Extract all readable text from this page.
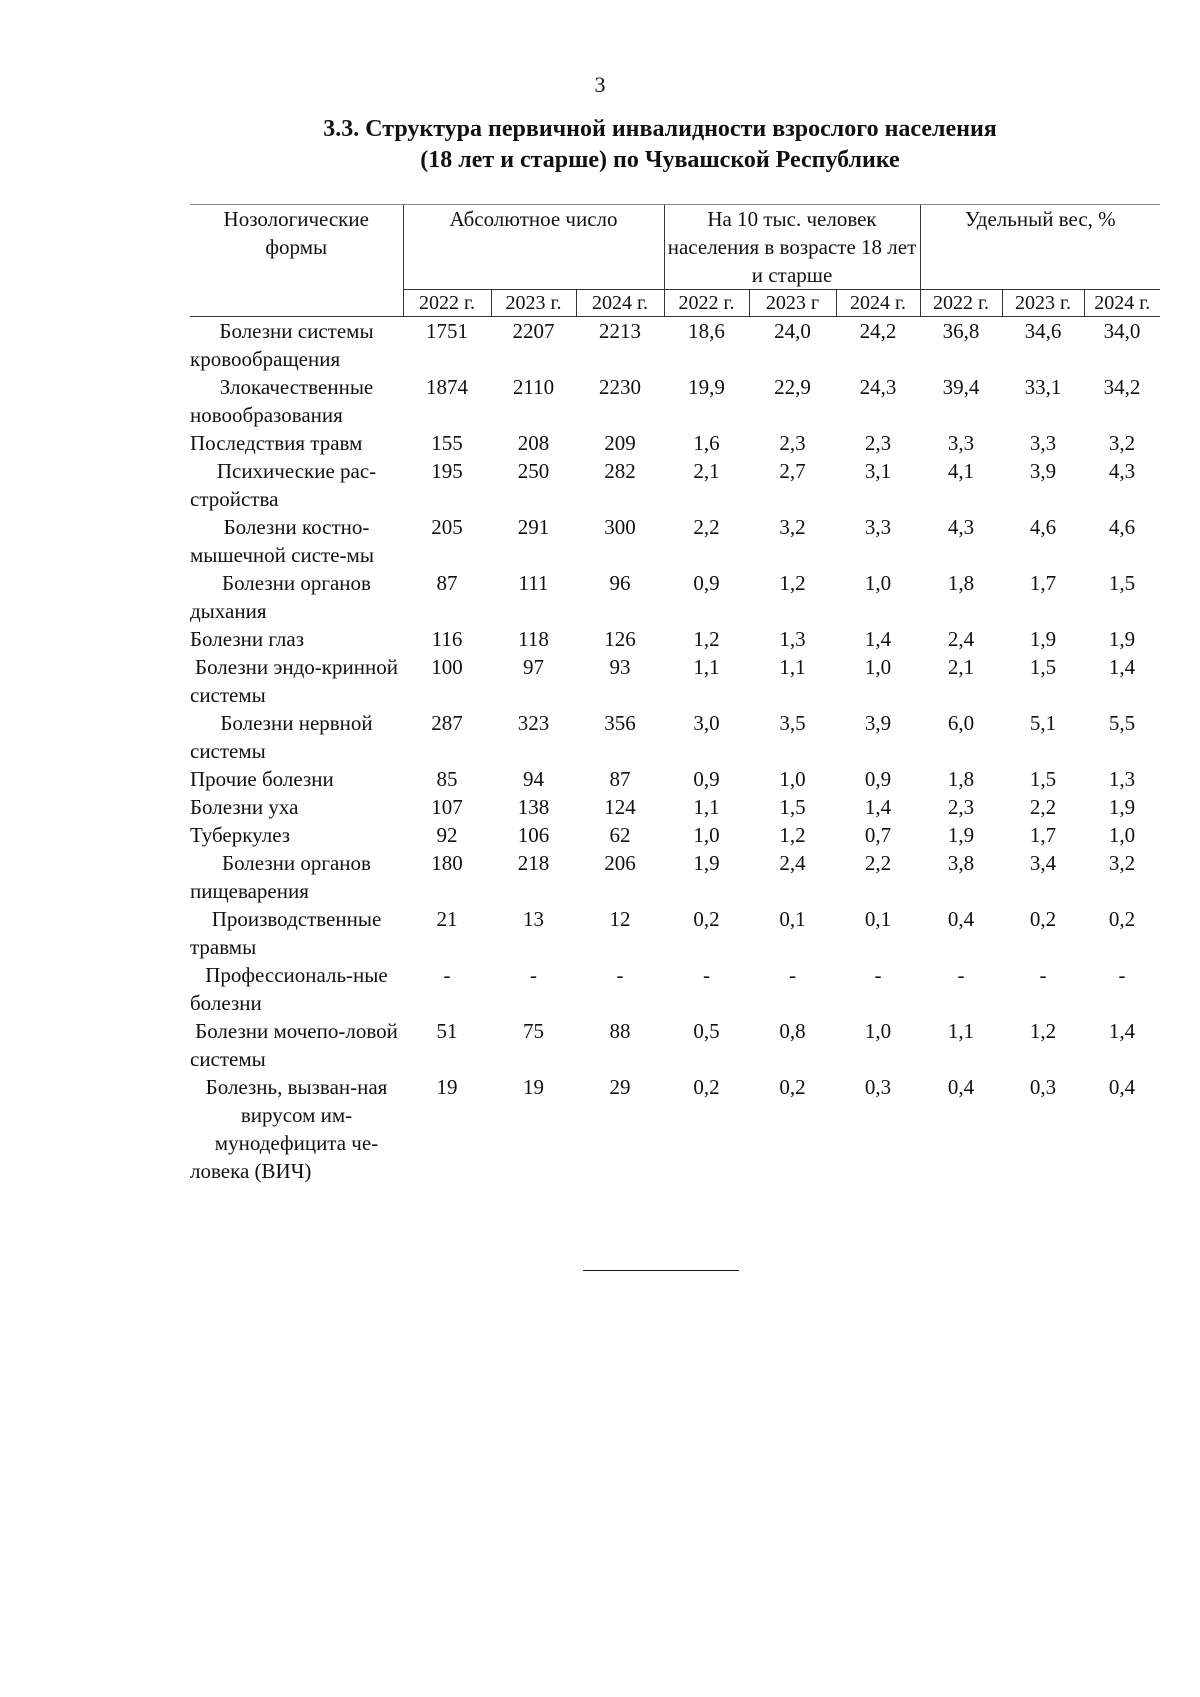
3
3.3. Структура первичной инвалидности взрослого населения
(18 лет и старше) по Чувашской Республике
Нозологические формы	Абсолютное число			На 10 тыс. человек населения в возрасте 18 лет и старше			Удельный вес, %		
	2022 г.	2023 г.	2024 г.	2022 г.	2023 г	2024 г.	2022 г.	2023 г.	2024 г.
Болезни системы кровообращения	1751	2207	2213	18,6	24,0	24,2	36,8	34,6	34,0
Злокачественные новообразования	1874	2110	2230	19,9	22,9	24,3	39,4	33,1	34,2
Последствия травм	155	208	209	1,6	2,3	2,3	3,3	3,3	3,2
Психические рас-стройства	195	250	282	2,1	2,7	3,1	4,1	3,9	4,3
Болезни костно-мышечной систе-мы	205	291	300	2,2	3,2	3,3	4,3	4,6	4,6
Болезни органов дыхания	87	111	96	0,9	1,2	1,0	1,8	1,7	1,5
Болезни глаз	116	118	126	1,2	1,3	1,4	2,4	1,9	1,9
Болезни эндо-кринной системы	100	97	93	1,1	1,1	1,0	2,1	1,5	1,4
Болезни нервной системы	287	323	356	3,0	3,5	3,9	6,0	5,1	5,5
Прочие болезни	85	94	87	0,9	1,0	0,9	1,8	1,5	1,3
Болезни уха	107	138	124	1,1	1,5	1,4	2,3	2,2	1,9
Туберкулез	92	106	62	1,0	1,2	0,7	1,9	1,7	1,0
Болезни органов пищеварения	180	218	206	1,9	2,4	2,2	3,8	3,4	3,2
Производственные травмы	21	13	12	0,2	0,1	0,1	0,4	0,2	0,2
Профессиональ-ные болезни	-	-	-	-	-	-	-	-	-
Болезни мочепо-ловой системы	51	75	88	0,5	0,8	1,0	1,1	1,2	1,4
Болезнь, вызван-ная вирусом им-мунодефицита че-ловека (ВИЧ)	19	19	29	0,2	0,2	0,3	0,4	0,3	0,4
